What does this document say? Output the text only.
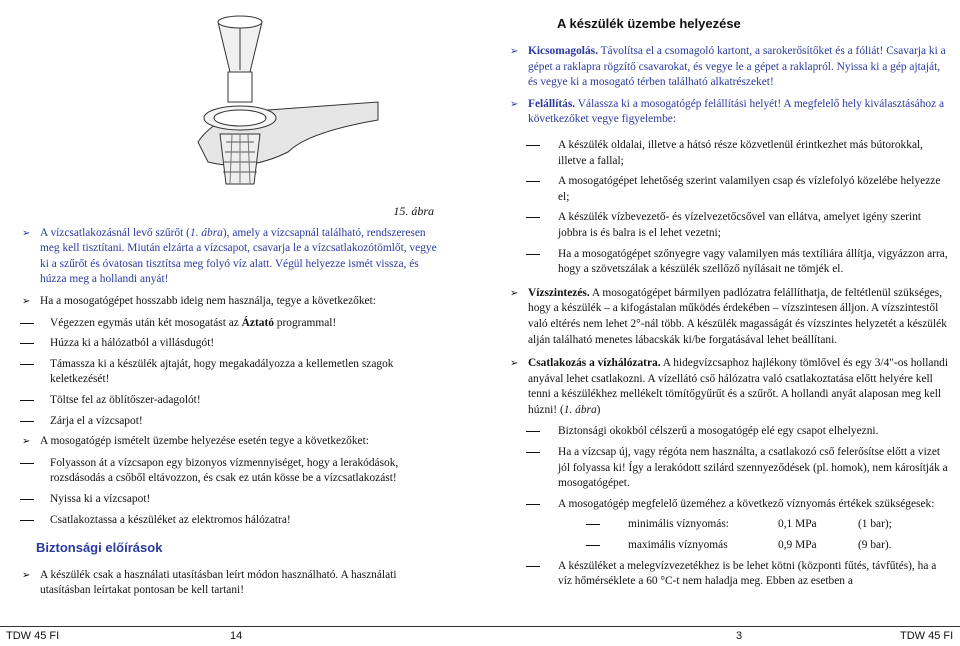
A készülék üzembe helyezése
15. ábra
➢ A vízcsatlakozásnál levő szűrőt (1. ábra), amely a vízcsapnál található, rendszeresen meg kell tisztítani. Miután elzárta a vízcsapot, csavarja le a vízcsatlakozótömlőt, vegye ki a szűrőt és óvatosan tisztítsa meg folyó víz alatt. Végül helyezze ismét vissza, és húzza meg a hollandi anyát!
➢ Ha a mosogatógépet hosszabb ideig nem használja, tegye a következőket:
Végezzen egymás után két mosogatást az Áztató programmal!
Húzza ki a hálózatból a villásdugót!
Támassza ki a készülék ajtaját, hogy megakadályozza a kellemetlen szagok keletkezését!
Töltse fel az öblítőszer-adagolót!
Zárja el a vízcsapot!
➢ A mosogatógép ismételt üzembe helyezése esetén tegye a következőket:
Folyasson át a vízcsapon egy bizonyos vízmennyiséget, hogy a lerakódások, rozsdásodás a csőből eltávozzon, és csak ez után kösse be a vízcsatlakozást!
Nyissa ki a vízcsapot!
Csatlakoztassa a készüléket az elektromos hálózatra!
Biztonsági előírások
➢ A készülék csak a használati utasításban leírt módon használható. A használati utasításban leírtakat pontosan be kell tartani!
➢ Kicsomagolás. Távolítsa el a csomagoló kartont, a sarokerősítőket és a fóliát! Csavarja ki a gépet a raklapra rögzítő csavarokat, és vegye le a gépet a raklapról. Nyissa ki a gép ajtaját, és vegye ki a mosogató térben található alkatrészeket!
➢ Felállítás. Válassza ki a mosogatógép felállítási helyét! A megfelelő hely kiválasztásához a következőket vegye figyelembe:
A készülék oldalai, illetve a hátsó része közvetlenül érintkezhet más bútorokkal, illetve a fallal;
A mosogatógépet lehetőség szerint valamilyen csap és vízlefolyó közelébe helyezze el;
A készülék vízbevezető- és vízelvezetőcsővel van ellátva, amelyet igény szerint jobbra is és balra is el lehet vezetni;
Ha a mosogatógépet szőnyegre vagy valamilyen más textíliára állítja, vigyázzon arra, hogy a szövetszálak a készülék szellőző nyílásait ne tömjék el.
➢ Vízszintezés. A mosogatógépet bármilyen padlózatra felállíthatja, de feltétlenül szükséges, hogy a készülék – a kifogástalan működés érdekében – vízszintesen álljon. A vízszintestől való eltérés nem lehet 2°-nál több. A készülék magasságát és vízszintes helyzetét a készülék alján található menetes lábacskák ki/be forgatásával lehet beállítani.
➢ Csatlakozás a vízhálózatra. A hidegvízcsaphoz hajlékony tömlővel és egy 3/4"-os hollandi anyával lehet csatlakozni. A vízellátó cső hálózatra való csatlakoztatása előtt helyére kell tenni a készülékhez mellékelt tömítőgyűrűt és a szűrőt. A hollandi anyát alaposan meg kell húzni! (1. ábra)
Biztonsági okokból célszerű a mosogatógép elé egy csapot elhelyezni.
Ha a vízcsap új, vagy régóta nem használta, a csatlakozó cső felerősítse előtt a vizet jól folyassa ki! Így a lerakódott szilárd szennyeződések (pl. homok), nem károsítják a mosogatógépet.
A mosogatógép megfelelő üzeméhez a következő víznyomás értékek szükségesek:
minimális víznyomás:	0,1 MPa	(1 bar);
maximális víznyomás	0,9 MPa	(9 bar).
A készüléket a melegvízvezetékhez is be lehet kötni (központi fűtés, távfűtés), ha a víz hőmérséklete a 60 °C-t nem haladja meg. Ebben az esetben a
TDW 45 FI	14	3	TDW 45 FI
